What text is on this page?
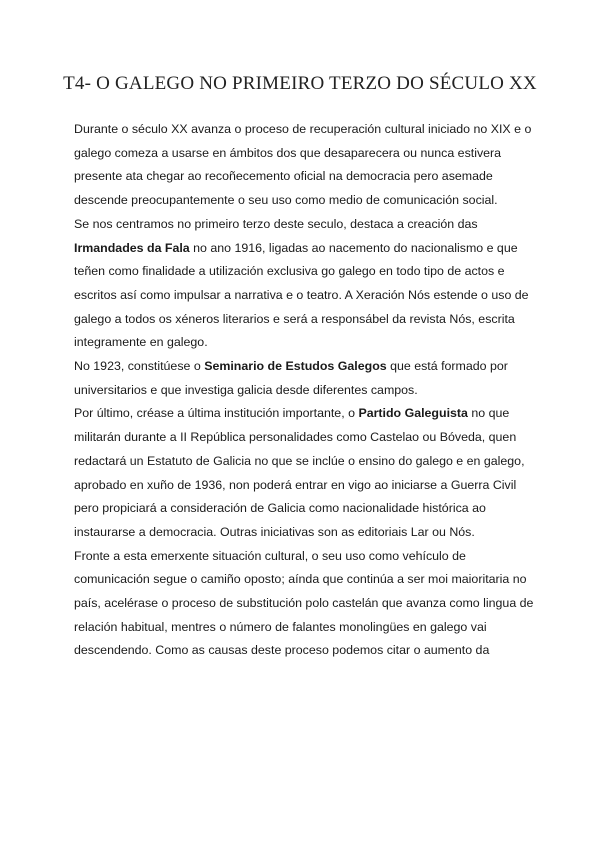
T4- O GALEGO NO PRIMEIRO TERZO DO SÉCULO XX
Durante o século XX avanza o proceso de recuperación cultural iniciado no XIX e o
galego comeza a usarse en ámbitos dos que desaparecera ou nunca estivera
presente ata chegar ao recoñecemento oficial na democracia pero asemade
descende preocupantemente o seu uso como medio de comunicación social.
Se nos centramos no primeiro terzo deste seculo, destaca a creación das
Irmandades da Fala no ano 1916, ligadas ao nacemento do nacionalismo e que
teñen como finalidade a utilización exclusiva go galego en todo tipo de actos e
escritos así como impulsar a narrativa e o teatro. A Xeración Nós estende o uso de
galego a todos os xéneros literarios e será a responsábel da revista Nós, escrita
integramente en galego.
No 1923, constitúese o Seminario de Estudos Galegos que está formado por
universitarios e que investiga galicia desde diferentes campos.
Por último, créase a última institución importante, o Partido Galeguista no que
militarán durante a II República personalidades como Castelao ou Bóveda, quen
redactará un Estatuto de Galicia no que se inclúe o ensino do galego e en galego,
aprobado en xuño de 1936, non poderá entrar en vigo ao iniciarse a Guerra Civil
pero propiciará a consideración de Galicia como nacionalidade histórica ao
instaurarse a democracia. Outras iniciativas son as editoriais Lar ou Nós.
Fronte a esta emerxente situación cultural, o seu uso como vehículo de
comunicación segue o camiño oposto; aínda que continúa a ser moi maioritaria no
país, acelérase o proceso de substitución polo castelán que avanza como lingua de
relación habitual, mentres o número de falantes monolingües en galego vai
descendendo. Como as causas deste proceso podemos citar o aumento da
